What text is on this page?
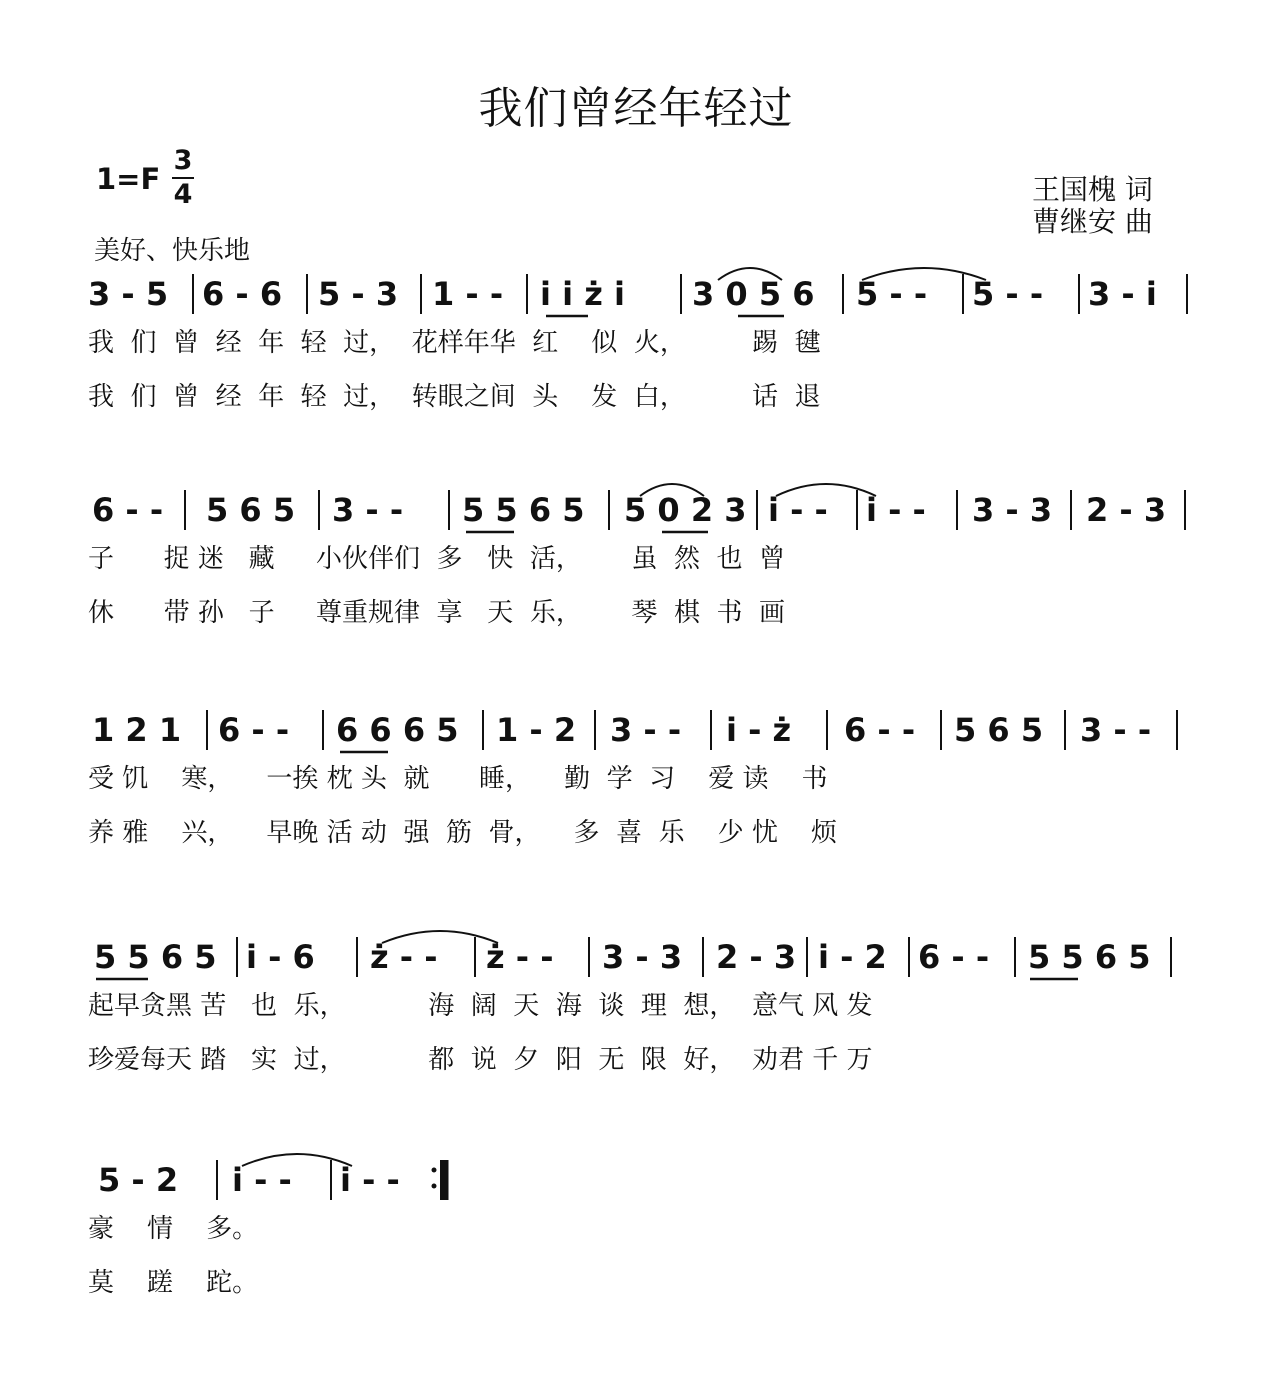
我们曾经年轻过
1=F
3
4	王国槐 词
曹继安 曲
美好、快乐地
3 - 5 6 - 6 5 - 3 1 - - i i ż i 3 0 5 6 5 - - 5 - - 3 - i
我  们  曾  经  年  轻  过，  花样年华  红    似  火，        踢  毽
我  们  曾  经  年  轻  过，  转眼之间  头    发  白，        话  退
6 - - 5 6 5 3 - - 5 5 6 5 5 0 2 3 i - - i - - 3 - 3 2 - 3
子      捉 迷   藏     小伙伴们  多   快  活，      虽  然  也  曾
休      带 孙   子     尊重规律  享   天  乐，      琴  棋  书  画
1 2 1 6 - - 6 6 6 5 1 - 2 3 - - i - ż 6 - - 5 6 5 3 - -
受 饥    寒，    一挨 枕 头  就      睡，    勤  学  习    爱 读    书
养 雅    兴，    早晚 活 动  强  筋  骨，    多  喜  乐    少 忧    烦
5 5 6 5 i - 6 ż - - ż - - 3 - 3 2 - 3 i - 2 6 - - 5 5 6 5
起早贪黑 苦   也  乐，          海  阔  天  海  谈  理  想，  意气 风 发
珍爱每天 踏   实  过，          都  说  夕  阳  无  限  好，  劝君 千 万
5 - 2 i - - i - -
豪    情    多。
莫    蹉    跎。
